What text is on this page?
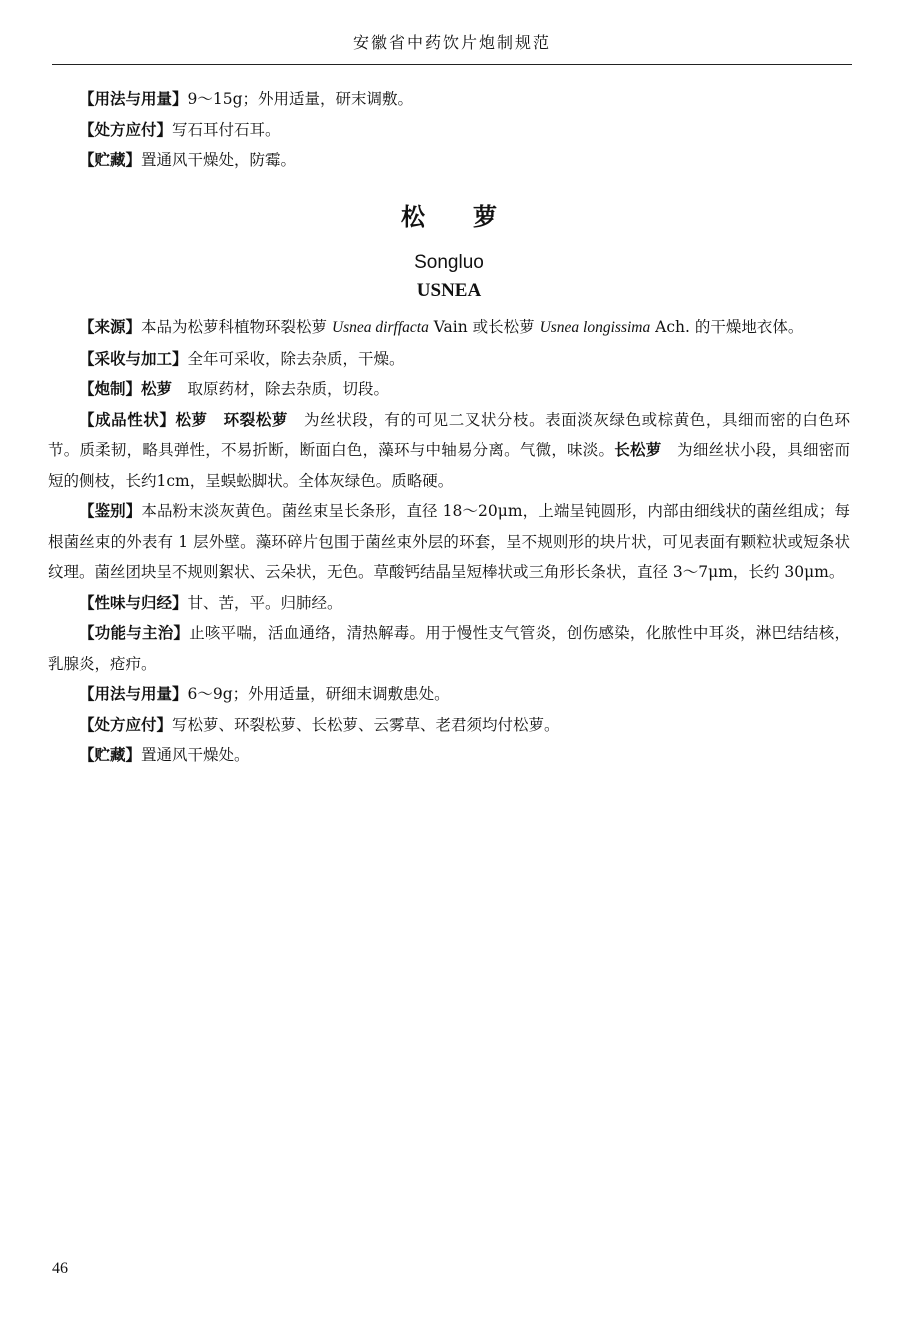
安徽省中药饮片炮制规范

【用法与用量】9～15g；外用适量，研末调敷。

【处方应付】写石耳付石耳。

【贮藏】置通风干燥处，防霉。

松萝
Songluo
USNEA

【来源】本品为松萝科植物环裂松萝 Usnea dirffacta Vain 或长松萝 Usnea longissima Ach. 的干燥地衣体。

【采收与加工】全年可采收，除去杂质，干燥。

【炮制】松萝　取原药材，除去杂质，切段。

【成品性状】松萝　环裂松萝　为丝状段，有的可见二叉状分枝。表面淡灰绿色或棕黄色，具细而密的白色环节。质柔韧，略具弹性，不易折断，断面白色，藻环与中轴易分离。气微，味淡。长松萝　为细丝状小段，具细密而短的侧枝，长约1cm，呈蜈蚣脚状。全体灰绿色。质略硬。

【鉴别】本品粉末淡灰黄色。菌丝束呈长条形，直径 18～20μm，上端呈钝圆形，内部由细线状的菌丝组成；每根菌丝束的外表有 1 层外壁。藻环碎片包围于菌丝束外层的环套，呈不规则形的块片状，可见表面有颗粒状或短条状纹理。菌丝团块呈不规则絮状、云朵状，无色。草酸钙结晶呈短棒状或三角形长条状，直径 3～7μm，长约 30μm。

【性味与归经】甘、苦，平。归肺经。

【功能与主治】止咳平喘，活血通络，清热解毒。用于慢性支气管炎，创伤感染，化脓性中耳炎，淋巴结结核，乳腺炎，疮疖。

【用法与用量】6～9g；外用适量，研细末调敷患处。

【处方应付】写松萝、环裂松萝、长松萝、云雾草、老君须均付松萝。

【贮藏】置通风干燥处。

46
